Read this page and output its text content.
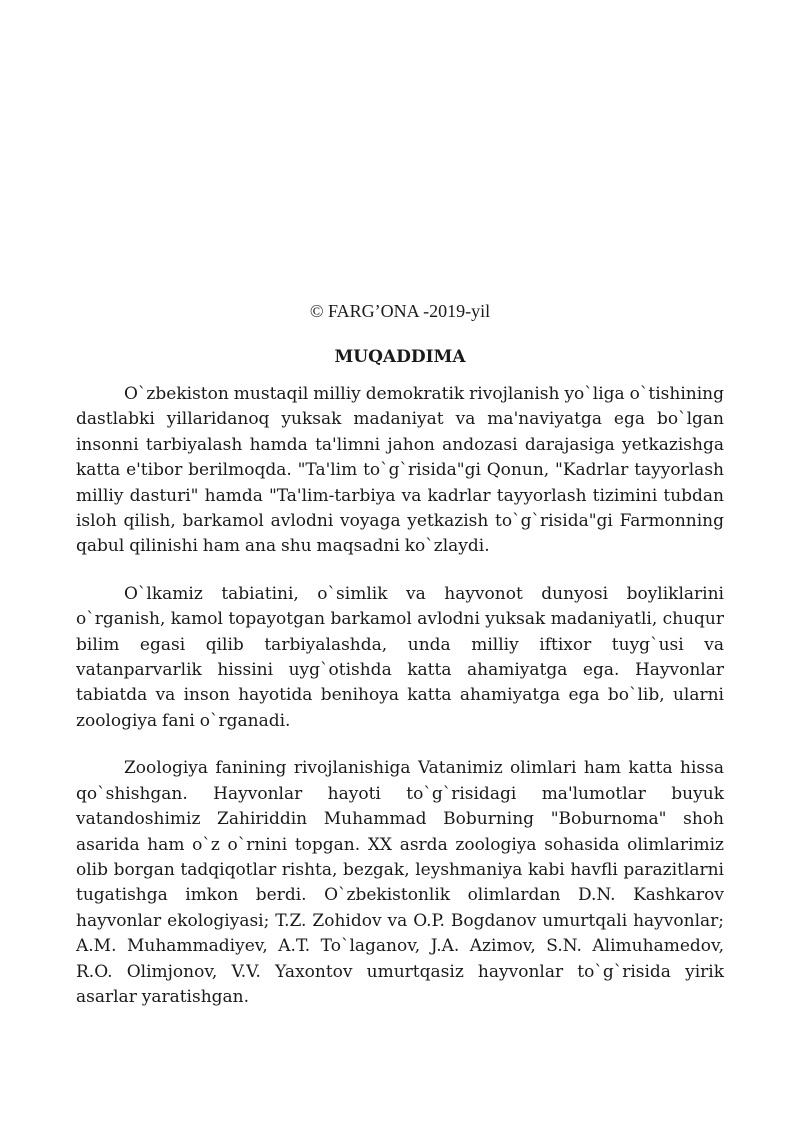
© FARG’ONA -2019-yil
MUQADDIMA

O`zbekiston mustaqil milliy demokratik rivojlanish yo`liga o`tishining dastlabki yillaridanoq yuksak madaniyat va ma'naviyatga ega bo`lgan insonni tarbiyalash hamda ta'limni jahon andozasi darajasiga yetkazishga katta e'tibor berilmoqda. "Ta'lim to`g`risida"gi Qonun, "Kadrlar tayyorlash milliy dasturi" hamda "Ta'lim-tarbiya va kadrlar tayyorlash tizimini tubdan isloh qilish, barkamol avlodni voyaga yetkazish to`g`risida"gi Farmonning qabul qilinishi ham ana shu maqsadni ko`zlaydi.

O`lkamiz tabiatini, o`simlik va hayvonot dunyosi boyliklarini o`rganish, kamol topayotgan barkamol avlodni yuksak madaniyatli, chuqur bilim egasi qilib tarbiyalashda, unda milliy iftixor tuyg`usi va vatanparvarlik hissini uyg`otishda katta ahamiyatga ega. Hayvonlar tabiatda va inson hayotida benihoya katta ahamiyatga ega bo`lib, ularni zoologiya fani o`rganadi.

Zoologiya fanining rivojlanishiga Vatanimiz olimlari ham katta hissa qo`shishgan. Hayvonlar hayoti to`g`risidagi ma'lumotlar buyuk vatandoshimiz Zahiriddin Muhammad Boburning "Boburnoma" shoh asarida ham o`z o`rnini topgan. XX asrda zoologiya sohasida olimlarimiz olib borgan tadqiqotlar rishta, bezgak, leyshmaniya kabi havfli parazitlarni tugatishga imkon berdi. O`zbekistonlik olimlardan D.N. Kashkarov hayvonlar ekologiyasi; T.Z. Zohidov va O.P. Bogdanov umurtqali hayvonlar; A.M. Muhammadiyev, A.T. To`laganov, J.A. Azimov, S.N. Alimuhamedov, R.O. Olimjonov, V.V. Yaxontov umurtqasiz hayvonlar to`g`risida yirik asarlar yaratishgan.
